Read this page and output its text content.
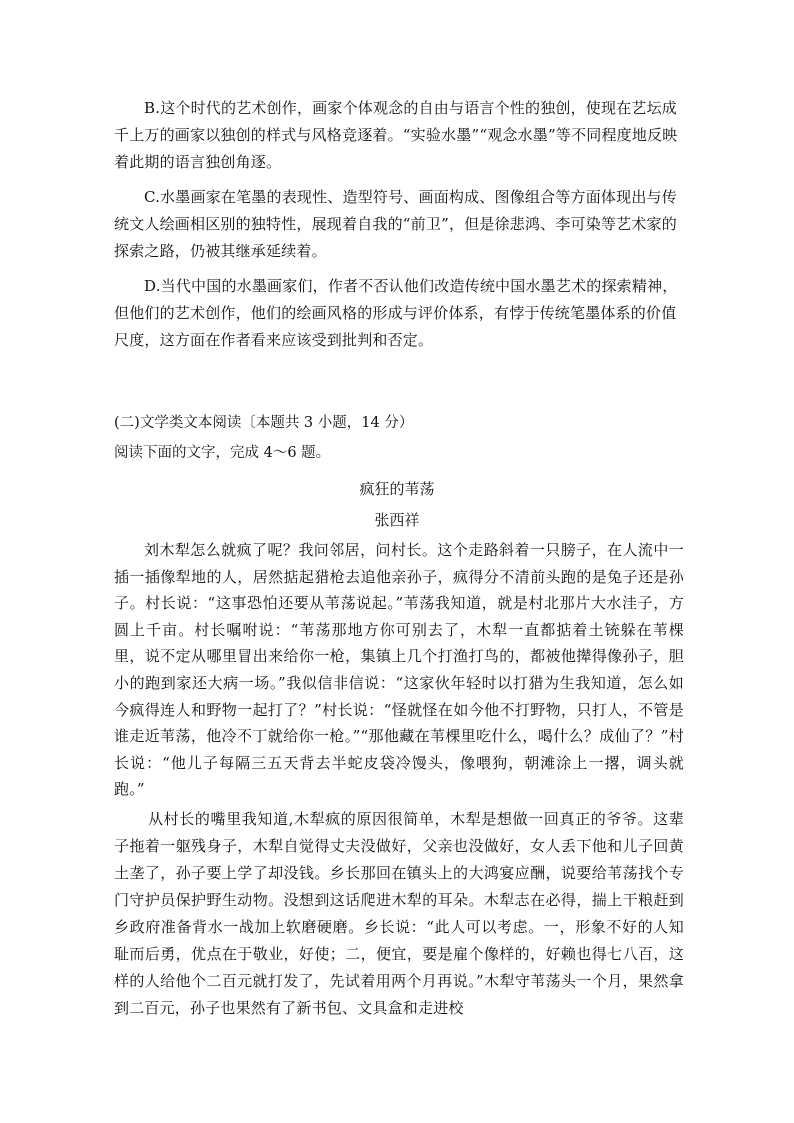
B.这个时代的艺术创作，画家个体观念的自由与语言个性的独创，使现在艺坛成千上万的画家以独创的样式与风格竞逐着。“实验水墨”“观念水墨”等不同程度地反映着此期的语言独创角逐。

C.水墨画家在笔墨的表现性、造型符号、画面构成、图像组合等方面体现出与传统文人绘画相区别的独特性，展现着自我的“前卫”，但是徐悲鸿、李可染等艺术家的探索之路，仍被其继承延续着。

D.当代中国的水墨画家们，作者不否认他们改造传统中国水墨艺术的探索精神，但他们的艺术创作，他们的绘画风格的形成与评价体系，有悖于传统笔墨体系的价值尺度，这方面在作者看来应该受到批判和否定。

(二)文学类文本阅读〔本题共 3 小题，14 分）
阅读下面的文字，完成 4～6 题。
疯狂的苇荡
张西祥

刘木犁怎么就疯了呢？我问邻居，问村长。这个走路斜着一只膀子，在人流中一插一插像犁地的人，居然掂起猎枪去追他亲孙子，疯得分不清前头跑的是兔子还是孙子。村长说：“这事恐怕还要从苇荡说起。”苇荡我知道，就是村北那片大水洼子，方圆上千亩。村长嘱咐说：“苇荡那地方你可别去了，木犁一直都掂着土铳躲在苇棵里，说不定从哪里冒出来给你一枪，集镇上几个打渔打鸟的，都被他撵得像孙子，胆小的跑到家还大病一场。”我似信非信说：“这家伙年轻时以打猎为生我知道，怎么如今疯得连人和野物一起打了？”村长说：“怪就怪在如今他不打野物，只打人，不管是谁走近苇荡，他冷不丁就给你一枪。”“那他藏在苇棵里吃什么，喝什么？成仙了？”村长说：“他儿子每隔三五天背去半蛇皮袋冷馒头，像喂狗，朝滩涂上一撂，调头就跑。”

从村长的嘴里我知道,木犁疯的原因很简单，木犁是想做一回真正的爷爷。这辈子拖着一躯残身子，木犁自觉得丈夫没做好，父亲也没做好，女人丢下他和儿子回黄土垄了，孙子要上学了却没钱。乡长那回在镇头上的大鸿宴应酬，说要给苇荡找个专门守护员保护野生动物。没想到这话爬进木犁的耳朵。木犁志在必得，揣上干粮赶到乡政府准备背水一战加上软磨硬磨。乡长说：“此人可以考虑。一，形象不好的人知耻而后勇，优点在于敬业，好使；二，便宜，要是雇个像样的，好赖也得七八百，这样的人给他个二百元就打发了，先试着用两个月再说。”木犁守苇荡头一个月，果然拿到二百元，孙子也果然有了新书包、文具盒和走进校
